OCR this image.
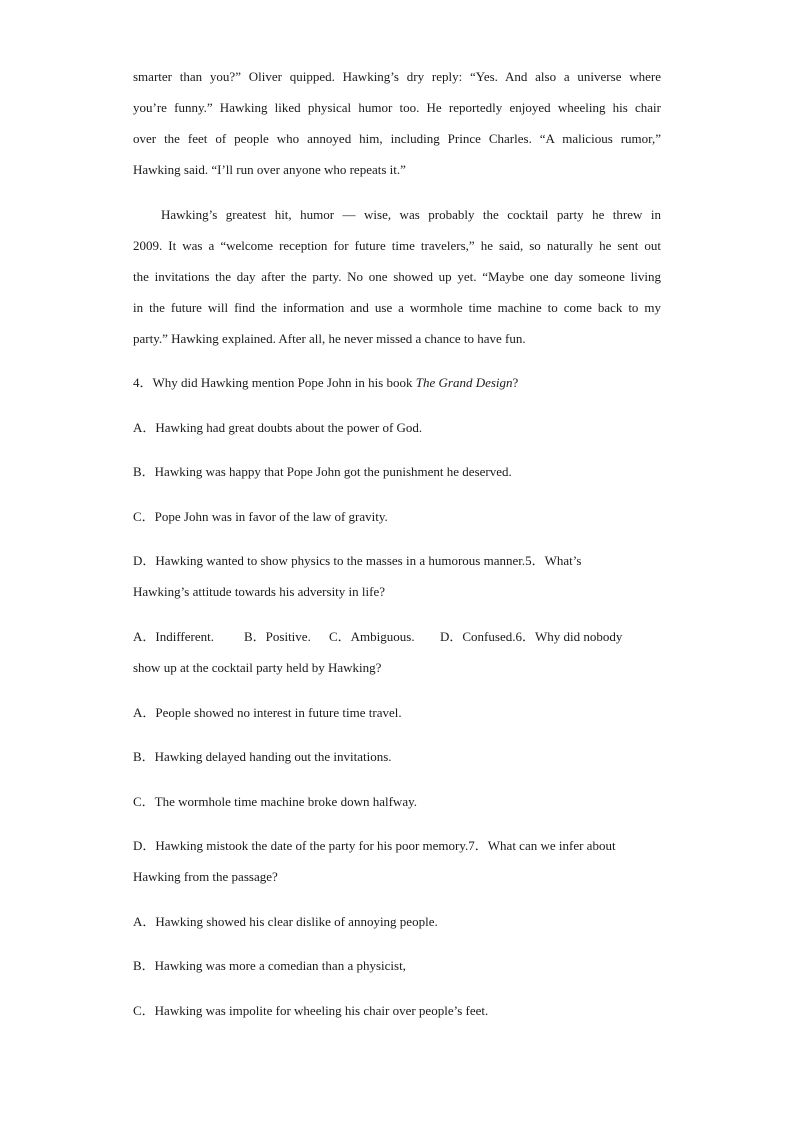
smarter than you?” Oliver quipped. Hawking’s dry reply: “Yes. And also a universe where
you’re funny.” Hawking liked physical humor too. He reportedly enjoyed wheeling his chair
over the feet of people who annoyed him, including Prince Charles. “A malicious rumor,”
Hawking said. “I’ll run over anyone who repeats it.”
Hawking’s greatest hit, humor — wise, was probably the cocktail party he threw in
2009. It was a “welcome reception for future time travelers,” he said, so naturally he sent out
the invitations the day after the party. No one showed up yet. “Maybe one day someone living
in the future will find the information and use a wormhole time machine to come back to my
party.” Hawking explained. After all, he never missed a chance to have fun.
4．Why did Hawking mention Pope John in his book The Grand Design?
A．Hawking had great doubts about the power of God.
B．Hawking was happy that Pope John got the punishment he deserved.
C．Pope John was in favor of the law of gravity.
D．Hawking wanted to show physics to the masses in a humorous manner.5．What’s
Hawking’s attitude towards his adversity in life?
A．Indifferent. B．Positive. C．Ambiguous. D．Confused.6．Why did nobody
show up at the cocktail party held by Hawking?
A．People showed no interest in future time travel.
B．Hawking delayed handing out the invitations.
C．The wormhole time machine broke down halfway.
D．Hawking mistook the date of the party for his poor memory.7．What can we infer about
Hawking from the passage?
A．Hawking showed his clear dislike of annoying people.
B．Hawking was more a comedian than a physicist,
C．Hawking was impolite for wheeling his chair over people’s feet.
